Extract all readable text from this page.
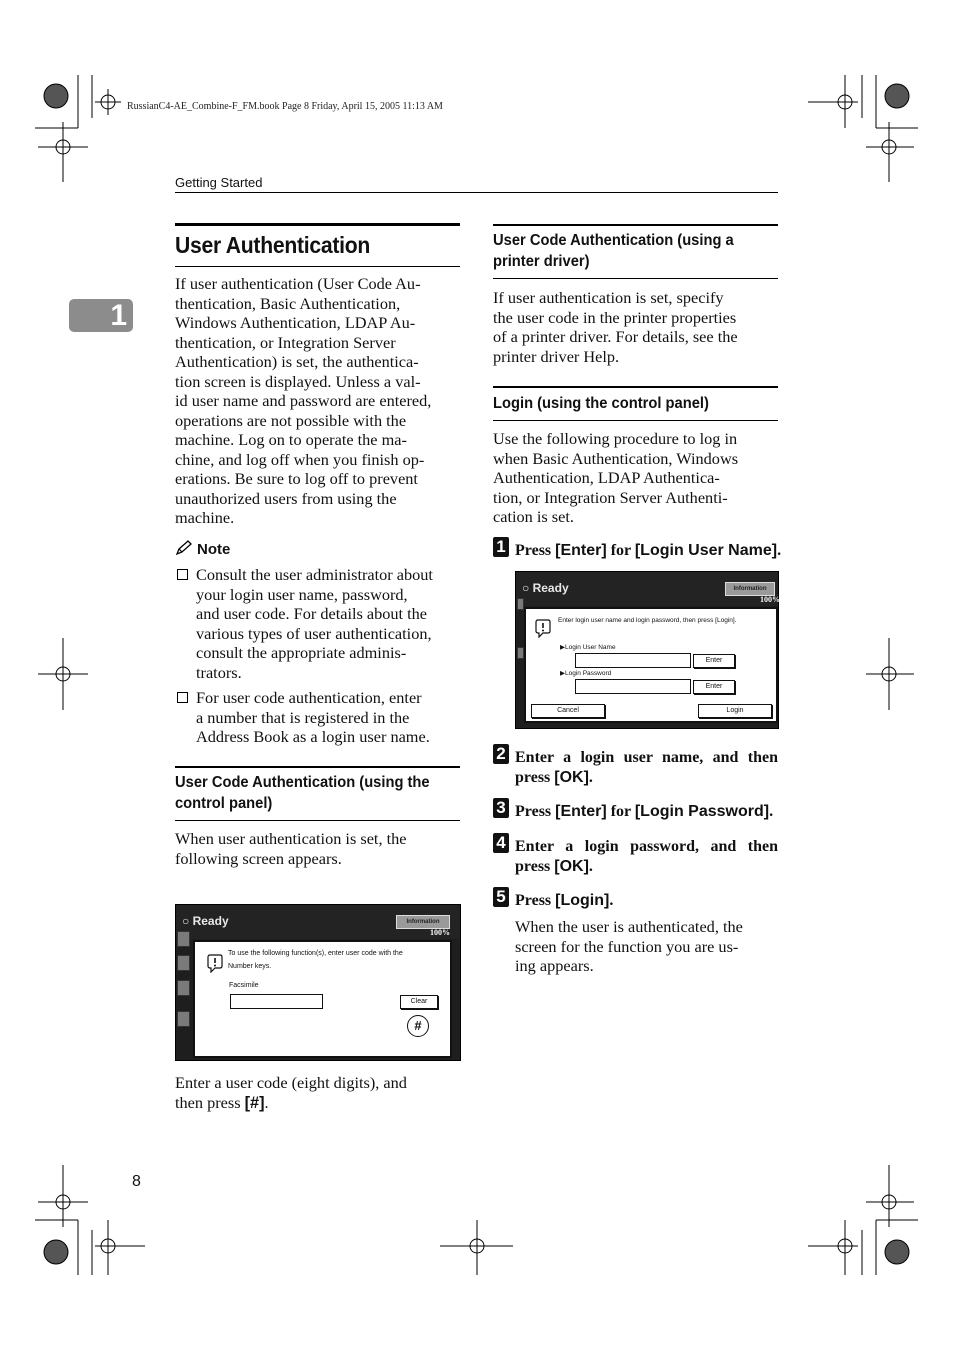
RussianC4-AE_Combine-F_FM.book Page 8 Friday, April 15, 2005 11:13 AM
Getting Started
1
User Authentication
If user authentication (User Code Au-
thentication, Basic Authentication,
Windows Authentication, LDAP Au-
thentication, or Integration Server
Authentication) is set, the authentica-
tion screen is displayed. Unless a val-
id user name and password are entered,
operations are not possible with the
machine. Log on to operate the ma-
chine, and log off when you finish op-
erations. Be sure to log off to prevent
unauthorized users from using the
machine.
Note
Consult the user administrator about
your login user name, password,
and user code. For details about the
various types of user authentication,
consult the appropriate adminis-
trators.
For user code authentication, enter
a number that is registered in the
Address Book as a login user name.
User Code Authentication (using the
control panel)
When user authentication is set, the
following screen appears.
○ Ready	Information
100%
To use the following function(s), enter user code with the
Number keys.
Facsimile
Clear
#
Enter a user code (eight digits), and
then press [#].
User Code Authentication (using a
printer driver)
If user authentication is set, specify
the user code in the printer properties
of a printer driver. For details, see the
printer driver Help.
Login (using the control panel)
Use the following procedure to log in
when Basic Authentication, Windows
Authentication, LDAP Authentica-
tion, or Integration Server Authenti-
cation is set.
1 Press [Enter] for [Login User Name].
○ Ready	Information
100%
Enter login user name and login password, then press [Login].
▶Login User Name
Enter
▶Login Password
Enter
Cancel	Login
2 Enter a login user name, and then
press [OK].
3 Press [Enter] for [Login Password].
4 Enter a login password, and then
press [OK].
5 Press [Login].
When the user is authenticated, the
screen for the function you are us-
ing appears.
8
